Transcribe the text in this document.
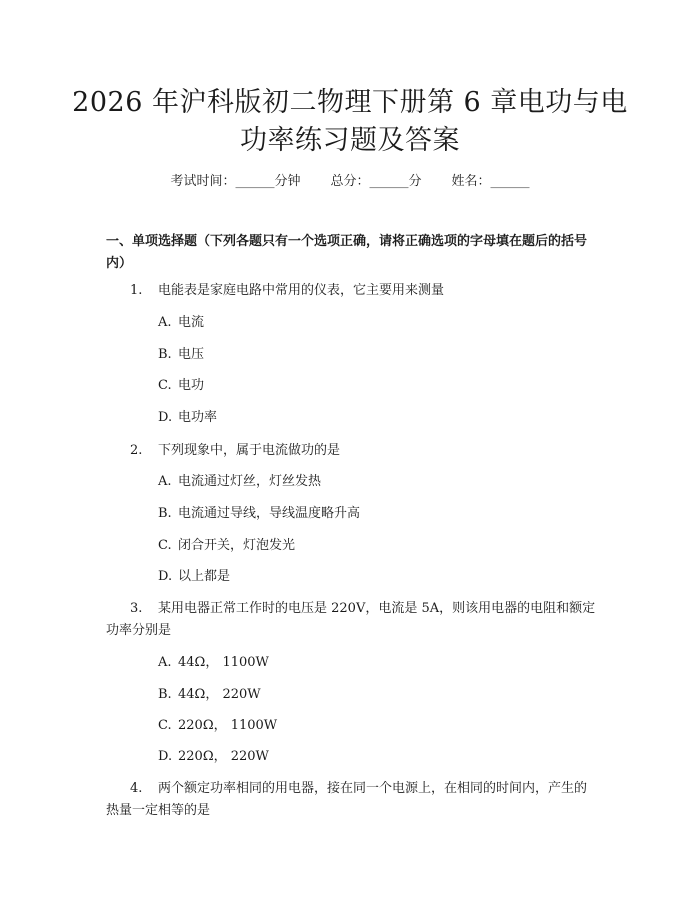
2026 年沪科版初二物理下册第 6 章电功与电
功率练习题及答案
考试时间：______分钟 总分：______分 姓名：______
一、单项选择题（下列各题只有一个选项正确，请将正确选项的字母填在题后的括号内）
1. 电能表是家庭电路中常用的仪表，它主要用来测量
A. 电流
B. 电压
C. 电功
D. 电功率
2. 下列现象中，属于电流做功的是
A. 电流通过灯丝，灯丝发热
B. 电流通过导线，导线温度略升高
C. 闭合开关，灯泡发光
D. 以上都是
3. 某用电器正常工作时的电压是 220V，电流是 5A，则该用电器的电阻和额定功率分别是
A. 44Ω， 1100W
B. 44Ω， 220W
C. 220Ω， 1100W
D. 220Ω， 220W
4. 两个额定功率相同的用电器，接在同一个电源上，在相同的时间内，产生的热量一定相等的是
